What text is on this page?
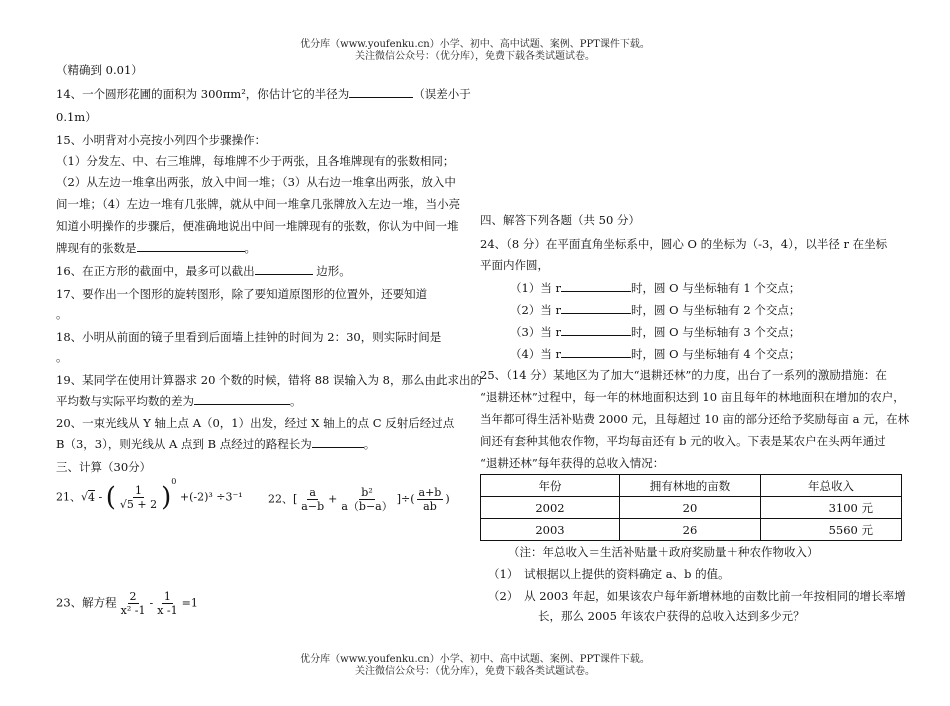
优分库（www.youfenku.cn）小学、初中、高中试题、案例、PPT课件下载。
关注微信公众号：（优分库），免费下载各类试题试卷。

（精确到 0.01）

14、一个圆形花圃的面积为 300πm²，你估计它的半径为	（误差小于

0.1m）

15、小明背对小亮按小列四个步骤操作：

（1）分发左、中、右三堆牌，每堆牌不少于两张，且各堆牌现有的张数相同；

（2）从左边一堆拿出两张，放入中间一堆；（3）从右边一堆拿出两张，放入中

间一堆；（4）左边一堆有几张牌，就从中间一堆拿几张牌放入左边一堆，当小亮

知道小明操作的步骤后，便准确地说出中间一堆牌现有的张数，你认为中间一堆

牌现有的张数是	。

16、在正方形的截面中，最多可以截出	边形。

17、要作出一个图形的旋转图形，除了要知道原图形的位置外，还要知道

。

18、小明从前面的镜子里看到后面墙上挂钟的时间为 2：30，则实际时间是

。

19、某同学在使用计算器求 20 个数的时候，错将 88 误输入为 8，那么由此求出的

平均数与实际平均数的差为	。

20、一束光线从 Y 轴上点 A（0，1）出发，经过 X 轴上的点 C 反射后经过点

B（3，3），则光线从 A 点到 B 点经过的路程长为	。

三、计算（30分）

21、√4 - ( $\frac{1}{√5 + 2} )^0 +(-2)^3 \div 3^{-1}$ 22、[ $\frac{a}{a-b} + \frac{\text{b²}}{a(b-a)}$ ]÷( $\frac{a+b}{ab}$ )
23、解方程 $\frac{2}{\text{x² -1}} - \frac{1}{x -1} =1$

四、解答下列各题（共 50 分）

24、（8 分）在平面直角坐标系中，圆心 O 的坐标为（-3，4），以半径 r 在坐标

平面内作圆，

（1）当 r	时，圆 O 与坐标轴有 1 个交点；

（2）当 r	时，圆 O 与坐标轴有 2 个交点；

（3）当 r	时，圆 O 与坐标轴有 3 个交点；

（4）当 r	时，圆 O 与坐标轴有 4 个交点；

25、（14 分）某地区为了加大“退耕还林”的力度，出台了一系列的激励措施：在

“退耕还林”过程中，每一年的林地面积达到 10 亩且每年的林地面积在增加的农户，

当年都可得生活补贴费 2000 元，且每超过 10 亩的部分还给予奖励每亩 a 元，在林

间还有套种其他农作物，平均每亩还有 b 元的收入。下表是某农户在头两年通过

“退耕还林”每年获得的总收入情况：

年份	拥有林地的亩数	年总收入
2002	20	3100 元
2003	26	5560 元

（注：年总收入＝生活补贴量＋政府奖励量＋种农作物收入）

（1）　试根据以上提供的资料确定 a、b 的值。

（2）　从 2003 年起，如果该农户每年新增林地的亩数比前一年按相同的增长率增

长，那么 2005 年该农户获得的总收入达到多少元？

优分库（www.youfenku.cn）小学、初中、高中试题、案例、PPT课件下载。
关注微信公众号：（优分库），免费下载各类试题试卷。
